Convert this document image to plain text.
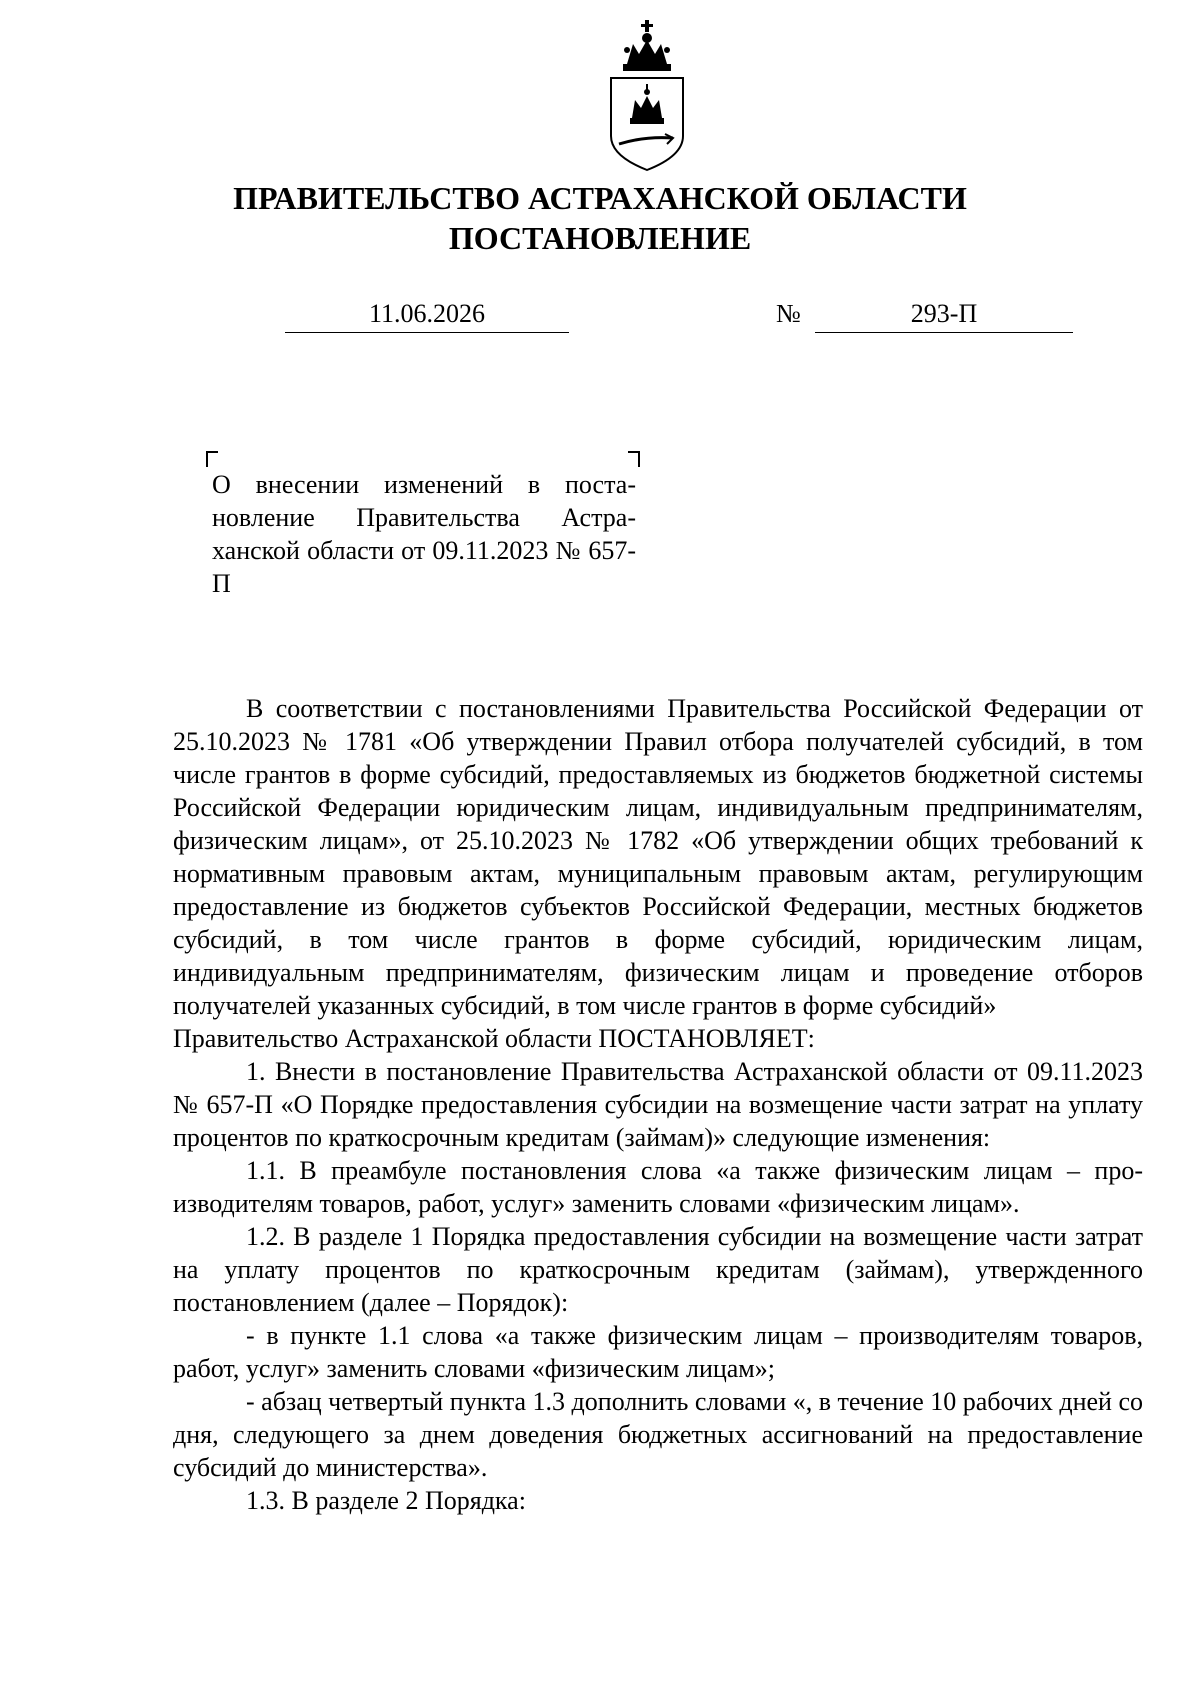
ПРАВИТЕЛЬСТВО АСТРАХАНСКОЙ ОБЛАСТИ
ПОСТАНОВЛЕНИЕ
11.06.2026	№	293-П
О внесении изменений в постановление Правительства Астраханской области от 09.11.2023 № 657-П

В соответствии с постановлениями Правительства Российской Федерации от 25.10.2023 № 1781 «Об утверждении Правил отбора получателей субсидий, в том числе грантов в форме субсидий, предоставляемых из бюджетов бюджетной системы Российской Федерации юридическим лицам, индивидуальным предпринимателям, физическим лицам», от 25.10.2023 № 1782 «Об утверждении общих требований к нормативным правовым актам, муниципальным правовым актам, регулирующим предоставление из бюджетов субъектов Российской Федерации, местных бюджетов субсидий, в том числе грантов в форме субсидий, юридическим лицам, индивидуальным предпринимателям, физическим лицам и проведение отборов получателей указанных субсидий, в том числе грантов в форме субсидий»

Правительство Астраханской области ПОСТАНОВЛЯЕТ:

1. Внести в постановление Правительства Астраханской области от 09.11.2023 № 657-П «О Порядке предоставления субсидии на возмещение части затрат на уплату процентов по краткосрочным кредитам (займам)» следующие изменения:

1.1. В преамбуле постановления слова «а также физическим лицам – производителям товаров, работ, услуг» заменить словами «физическим лицам».

1.2. В разделе 1 Порядка предоставления субсидии на возмещение части затрат на уплату процентов по краткосрочным кредитам (займам), утвержденного постановлением (далее – Порядок):

- в пункте 1.1 слова «а также физическим лицам – производителям товаров, работ, услуг» заменить словами «физическим лицам»;

- абзац четвертый пункта 1.3 дополнить словами «, в течение 10 рабочих дней со дня, следующего за днем доведения бюджетных ассигнований на предоставление субсидий до министерства».

1.3. В разделе 2 Порядка:
